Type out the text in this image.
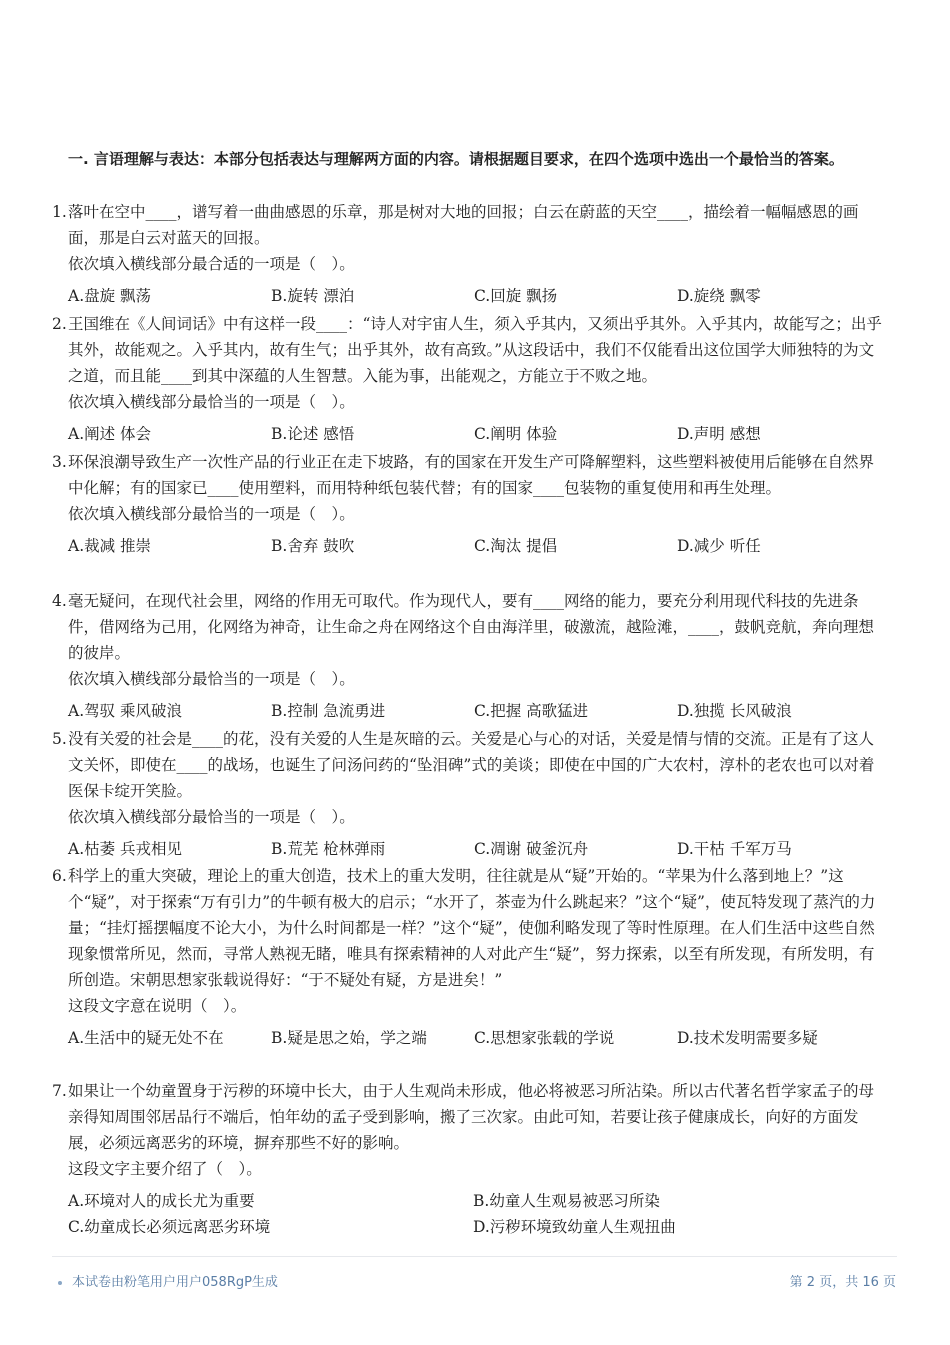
一. 言语理解与表达：本部分包括表达与理解两方面的内容。请根据题目要求，在四个选项中选出一个最恰当的答案。
1. 落叶在空中____，谱写着一曲曲感恩的乐章，那是树对大地的回报；白云在蔚蓝的天空____，描绘着一幅幅感恩的画面，那是白云对蓝天的回报。
依次填入横线部分最合适的一项是（　）。
A.盘旋 飘荡	B.旋转 漂泊	C.回旋 飘扬	D.旋绕 飘零
2. 王国维在《人间词话》中有这样一段____：“诗人对宇宙人生，须入乎其内，又须出乎其外。入乎其内，故能写之；出乎其外，故能观之。入乎其内，故有生气；出乎其外，故有高致。”从这段话中，我们不仅能看出这位国学大师独特的为文之道，而且能____到其中深蕴的人生智慧。入能为事，出能观之，方能立于不败之地。
依次填入横线部分最恰当的一项是（　）。
A.阐述 体会	B.论述 感悟	C.阐明 体验	D.声明 感想
3. 环保浪潮导致生产一次性产品的行业正在走下坡路，有的国家在开发生产可降解塑料，这些塑料被使用后能够在自然界中化解；有的国家已____使用塑料，而用特种纸包装代替；有的国家____包装物的重复使用和再生处理。
依次填入横线部分最恰当的一项是（　）。
A.裁减 推崇	B.舍弃 鼓吹	C.淘汰 提倡	D.减少 听任
4. 毫无疑问，在现代社会里，网络的作用无可取代。作为现代人，要有____网络的能力，要充分利用现代科技的先进条件，借网络为己用，化网络为神奇，让生命之舟在网络这个自由海洋里，破激流，越险滩，____，鼓帆竞航，奔向理想的彼岸。
依次填入横线部分最恰当的一项是（　）。
A.驾驭 乘风破浪	B.控制 急流勇进	C.把握 高歌猛进	D.独揽 长风破浪
5. 没有关爱的社会是____的花，没有关爱的人生是灰暗的云。关爱是心与心的对话，关爱是情与情的交流。正是有了这人文关怀，即使在____的战场，也诞生了问汤问药的“坠泪碑”式的美谈；即使在中国的广大农村，淳朴的老农也可以对着医保卡绽开笑脸。
依次填入横线部分最恰当的一项是（　）。
A.枯萎 兵戎相见	B.荒芜 枪林弹雨	C.凋谢 破釜沉舟	D.干枯 千军万马
6. 科学上的重大突破，理论上的重大创造，技术上的重大发明，往往就是从“疑”开始的。“苹果为什么落到地上？”这个“疑”，对于探索“万有引力”的牛顿有极大的启示；“水开了，茶壶为什么跳起来？”这个“疑”，使瓦特发现了蒸汽的力量；“挂灯摇摆幅度不论大小，为什么时间都是一样？”这个“疑”，使伽利略发现了等时性原理。在人们生活中这些自然现象惯常所见，然而，寻常人熟视无睹，唯具有探索精神的人对此产生“疑”，努力探索，以至有所发现，有所发明，有所创造。宋朝思想家张载说得好：“于不疑处有疑，方是进矣！”
这段文字意在说明（　）。
A.生活中的疑无处不在	B.疑是思之始，学之端	C.思想家张载的学说	D.技术发明需要多疑
7. 如果让一个幼童置身于污秽的环境中长大，由于人生观尚未形成，他必将被恶习所沾染。所以古代著名哲学家孟子的母亲得知周围邻居品行不端后，怕年幼的孟子受到影响，搬了三次家。由此可知，若要让孩子健康成长，向好的方面发展，必须远离恶劣的环境，摒弃那些不好的影响。
这段文字主要介绍了（　）。
A.环境对人的成长尤为重要	B.幼童人生观易被恶习所染
C.幼童成长必须远离恶劣环境	D.污秽环境致幼童人生观扭曲
本试卷由粉笔用户用户058RgP生成	第 2 页，共 16 页
